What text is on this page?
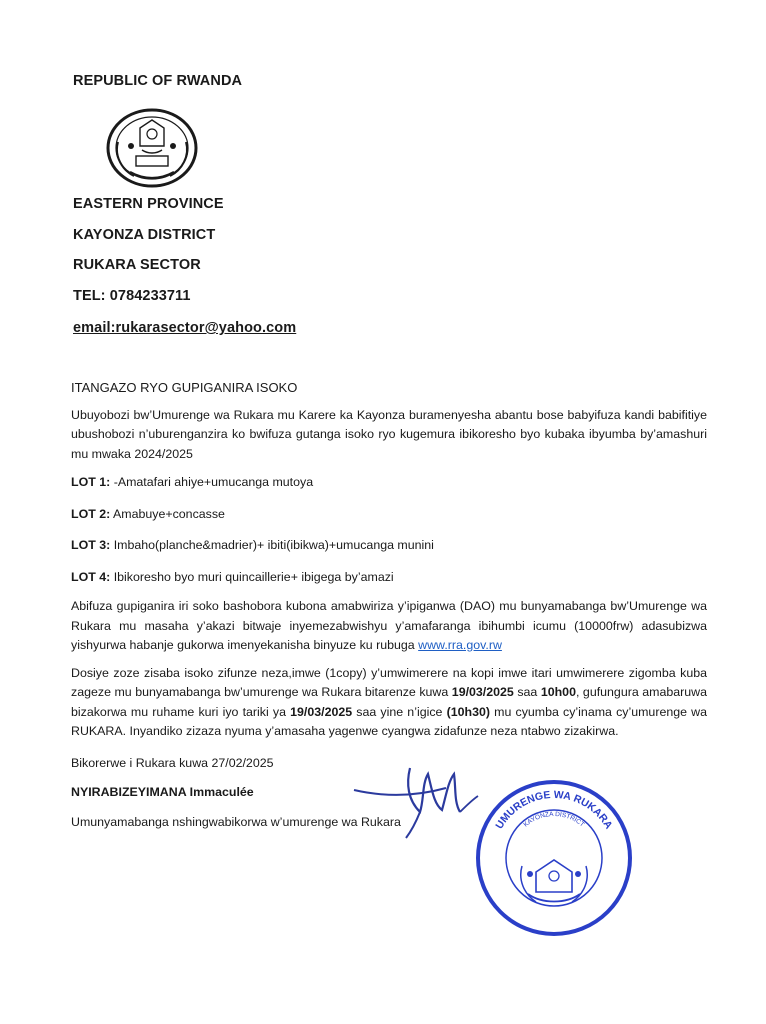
REPUBLIC OF RWANDA
EASTERN PROVINCE
KAYONZA DISTRICT
RUKARA SECTOR
TEL: 0784233711
email:rukarasector@yahoo.com
ITANGAZO RYO GUPIGANIRA ISOKO
Ubuyobozi bw’Umurenge wa Rukara mu Karere ka Kayonza buramenyesha abantu bose babyifuza kandi babifitiye ubushobozi n’uburenganzira ko bwifuza gutanga isoko ryo kugemura ibikoresho byo kubaka ibyumba by’amashuri mu mwaka 2024/2025
LOT 1: -Amatafari ahiye+umucanga mutoya
LOT 2: Amabuye+concasse
LOT 3: Imbaho(planche&madrier)+ ibiti(ibikwa)+umucanga munini
LOT 4: Ibikoresho byo muri quincaillerie+ ibigega by’amazi
Abifuza gupiganira iri soko bashobora kubona amabwiriza y’ipiganwa (DAO) mu bunyamabanga bw’Umurenge wa Rukara mu masaha y’akazi bitwaje inyemezabwishyu y’amafaranga ibihumbi icumu (10000frw) adasubizwa yishyurwa habanje gukorwa imenyekanisha binyuze ku rubuga www.rra.gov.rw
Dosiye zoze zisaba isoko zifunze neza,imwe (1copy) y’umwimerere na kopi imwe itari umwimerere zigomba kuba zageze mu bunyamabanga bw’umurenge wa Rukara bitarenze kuwa 19/03/2025 saa 10h00, gufungura amabaruwa bizakorwa mu ruhame kuri iyo tariki ya 19/03/2025 saa yine n’igice (10h30) mu cyumba cy’inama cy’umurenge wa RUKARA. Inyandiko zizaza nyuma y’amasaha yagenwe cyangwa zidafunze neza ntabwo zizakirwa.
Bikorerwe i Rukara kuwa 27/02/2025
NYIRABIZEYIMANA Immaculée
Umunyamabanga nshingwabikorwa w’umurenge wa Rukara	UMURENGE WA RUKARA
KAYONZA DISTRICT
